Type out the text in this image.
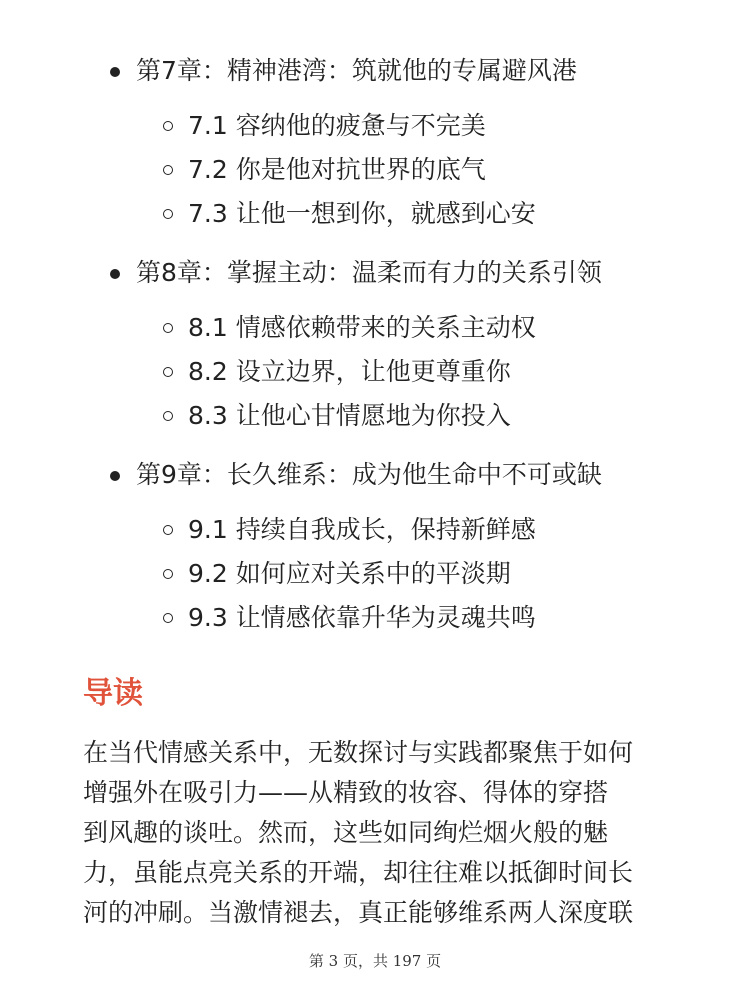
第7章：精神港湾：筑就他的专属避风港
7.1 容纳他的疲惫与不完美
7.2 你是他对抗世界的底气
7.3 让他一想到你，就感到心安
第8章：掌握主动：温柔而有力的关系引领
8.1 情感依赖带来的关系主动权
8.2 设立边界，让他更尊重你
8.3 让他心甘情愿地为你投入
第9章：长久维系：成为他生命中不可或缺
9.1 持续自我成长，保持新鲜感
9.2 如何应对关系中的平淡期
9.3 让情感依靠升华为灵魂共鸣
导读
在当代情感关系中，无数探讨与实践都聚焦于如何
增强外在吸引力——从精致的妆容、得体的穿搭
到风趣的谈吐。然而，这些如同绚烂烟火般的魅
力，虽能点亮关系的开端，却往往难以抵御时间长
河的冲刷。当激情褪去，真正能够维系两人深度联
第 3 页，共 197 页
